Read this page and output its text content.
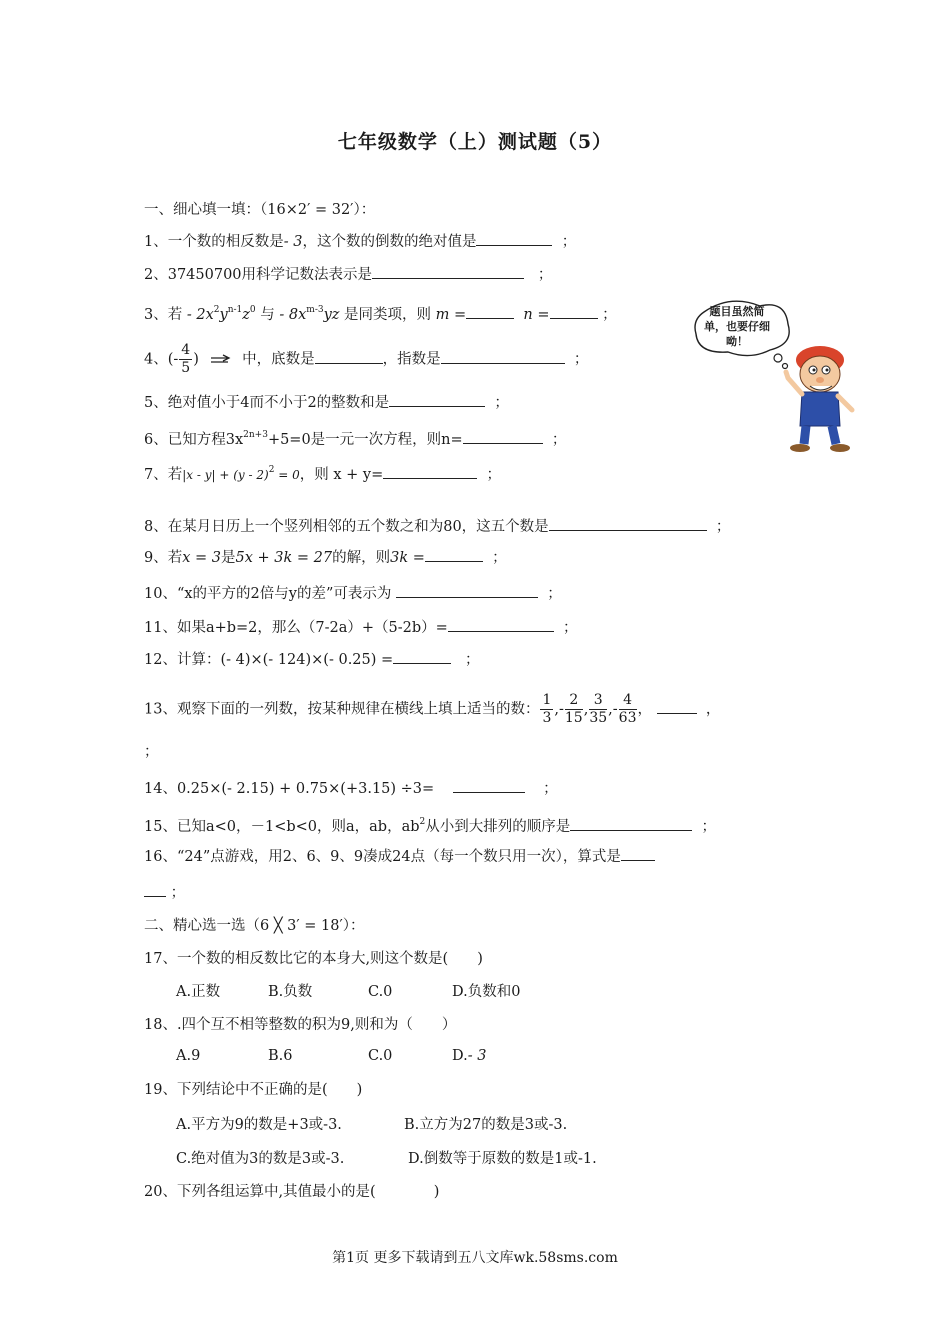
七年级数学（上）测试题（5）
一、细心填一填：（16×2′ = 32′）：
1、一个数的相反数是- 3，这个数的倒数的绝对值是	；
2、37450700用科学记数法表示是	；
3、若 - $2x^2y^{n-1}z^0$ 与 - $8x^{m-3}yz$ 是同类项，则 m =	n =	；
4、(- $\frac{4}{5}$ )	中，底数是	，指数是	；
5、绝对值小于4而不小于2的整数和是	；
6、已知方程$3x^{2n+3}+5=0$是一元一次方程，则n=	；
7、若|x - y| + (y - 2)$^2$ = 0，则 x + y=	；
8、在某月日历上一个竖列相邻的五个数之和为80，这五个数是	；
9、若x = 3是5x + 3k = 27的解，则3k =	；
10、“x的平方的2倍与y的差”可表示为	；
11、如果a+b=2，那么（7-2a）+（5-2b）=	；
12、计算：(- 4)×(- 124)×(- 0.25) =	；
13、观察下面的一列数，按某种规律在横线上填上适当的数： $\frac{1}{3}$ ,- $\frac{2}{15}$ , $\frac{3}{35}$ ,- $\frac{4}{63}$ ，	，
；
14、0.25×(- 2.15) + 0.75×(+3.15) ÷3=	；
15、已知a<0，－1<b<0，则a，ab，$ab^2$从小到大排列的顺序是	；
16、“24”点游戏，用2、6、9、9凑成24点（每一个数只用一次），算式是
；
二、精心选一选（6 ╳ 3′ = 18′）：
17、一个数的相反数比它的本身大,则这个数是(　　)
A.正数	B.负数	C.0	D.负数和0
18、.四个互不相等整数的积为9,则和为（　　）
A.9	B.6	C.0	D.- 3
19、下列结论中不正确的是(　　)
A.平方为9的数是+3或-3.	B.立方为27的数是3或-3.
C.绝对值为3的数是3或-3.	D.倒数等于原数的数是1或-1.
20、下列各组运算中,其值最小的是(　　　　)
题目虽然简单，也要仔细呦！
第1页 更多下载请到五八文库wk.58sms.com
